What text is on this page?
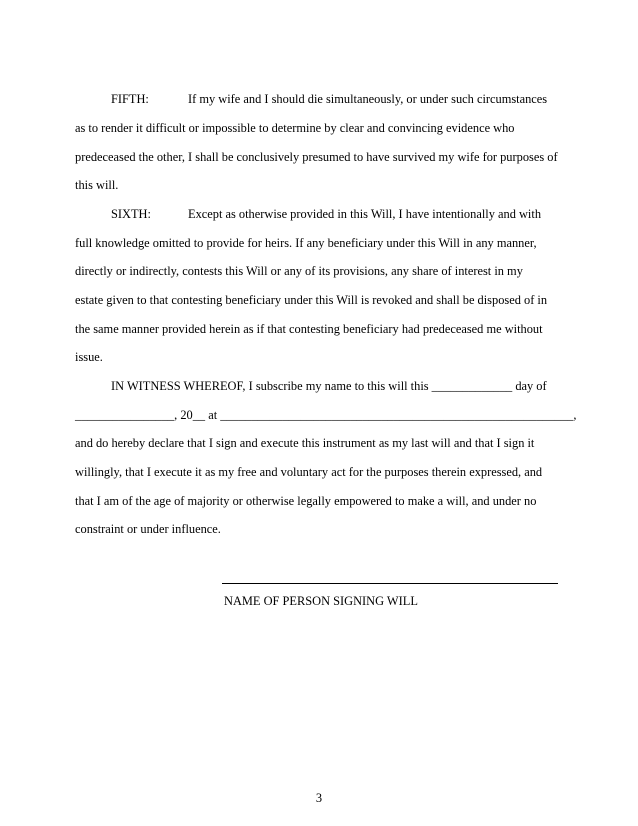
FIFTH:	If my wife and I should die simultaneously, or under such circumstances
as to render it difficult or impossible to determine by clear and convincing evidence who
predeceased the other, I shall be conclusively presumed to have survived my wife for purposes of
this will.
SIXTH:	Except as otherwise provided in this Will, I have intentionally and with
full knowledge omitted to provide for heirs. If any beneficiary under this Will in any manner,
directly or indirectly, contests this Will or any of its provisions, any share of interest in my
estate given to that contesting beneficiary under this Will is revoked and shall be disposed of in
the same manner provided herein as if that contesting beneficiary had predeceased me without
issue.
IN WITNESS WHEREOF, I subscribe my name to this will this _____________ day of
________________, 20__ at _________________________________________________________,
and do hereby declare that I sign and execute this instrument as my last will and that I sign it
willingly, that I execute it as my free and voluntary act for the purposes therein expressed, and
that I am of the age of majority or otherwise legally empowered to make a will, and under no
constraint or under influence.
NAME OF PERSON SIGNING WILL
3
